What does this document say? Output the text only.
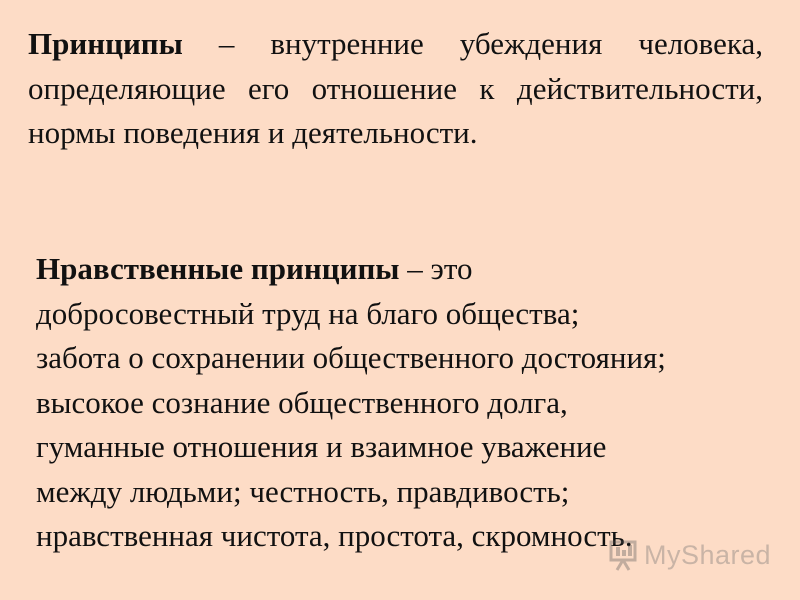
Принципы – внутренние убеждения человека, определяющие его отношение к действительности, нормы поведения и деятельности.

Нравственные принципы – это
добросовестный труд на благо общества;
забота о сохранении общественного достояния;
высокое сознание общественного долга,
гуманные отношения и взаимное уважение
между людьми; честность, правдивость;
нравственная чистота, простота, скромность.

MyShared
